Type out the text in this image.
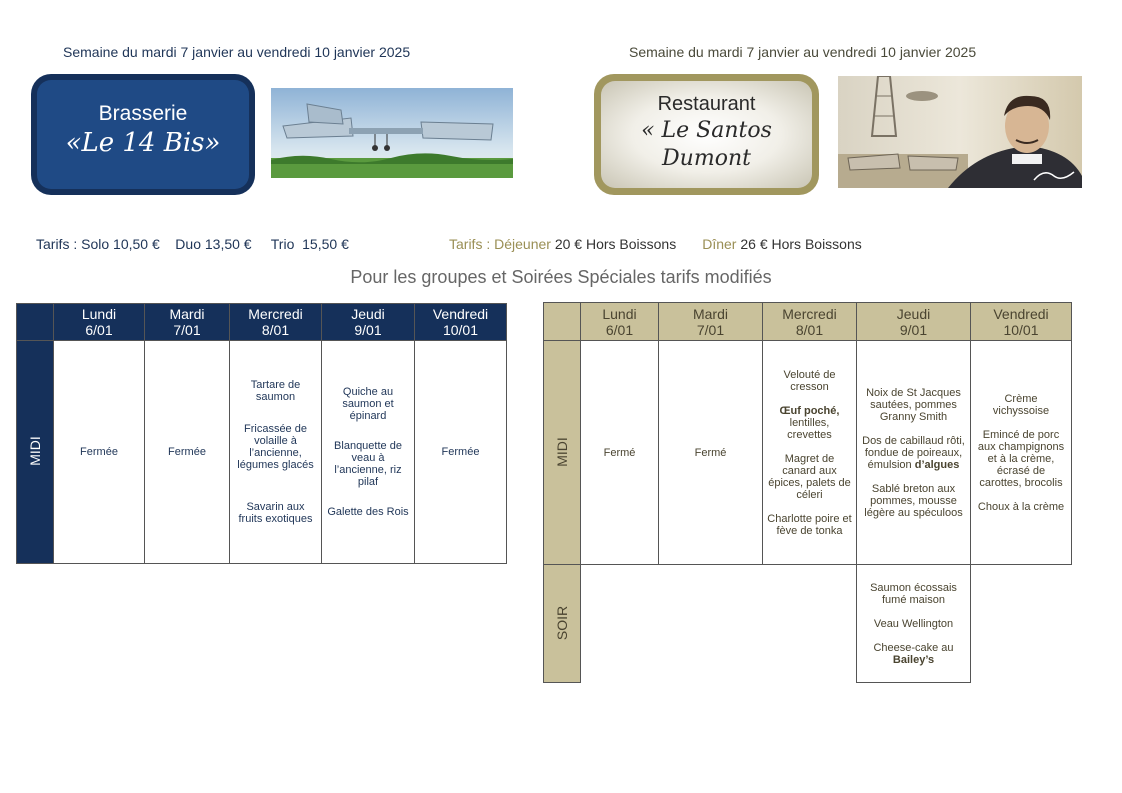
Semaine du mardi 7 janvier au vendredi 10 janvier 2025	Semaine du mardi 7 janvier au vendredi 10 janvier 2025
Brasserie
«Le 14 Bis»
Restaurant
« Le Santos
Dumont
Tarifs : Solo 10,50 €    Duo 13,50 €     Trio  15,50 €	Tarifs : Déjeuner 20 € Hors Boissons Dîner 26 € Hors Boissons
Pour les groupes et Soirées Spéciales tarifs modifiés
	Lundi
6/01	Mardi
7/01	Mercredi
8/01	Jeudi
9/01	Vendredi
10/01
MIDI	Fermée	Fermée	Tartare de saumon
Fricassée de volaille à l’ancienne, légumes glacés
Savarin aux fruits exotiques	Quiche au saumon et épinard
Blanquette de veau à l’ancienne, riz pilaf
Galette des Rois	Fermée
	Lundi
6/01	Mardi
7/01	Mercredi
8/01	Jeudi
9/01	Vendredi
10/01
MIDI	Fermé	Fermé	Velouté de cresson
Œuf poché, lentilles, crevettes
Magret de canard aux épices, palets de céleri
Charlotte poire et fève de tonka	Noix de St Jacques sautées, pommes Granny Smith
Dos de cabillaud rôti, fondue de poireaux, émulsion d’algues
Sablé breton aux pommes, mousse légère au spéculoos	Crème vichyssoise
Emincé de porc aux champignons et à la crème, écrasé de carottes, brocolis
Choux à la crème

SOIR				Saumon écossais fumé maison
Veau Wellington
Cheese-cake au
Bailey’s	
